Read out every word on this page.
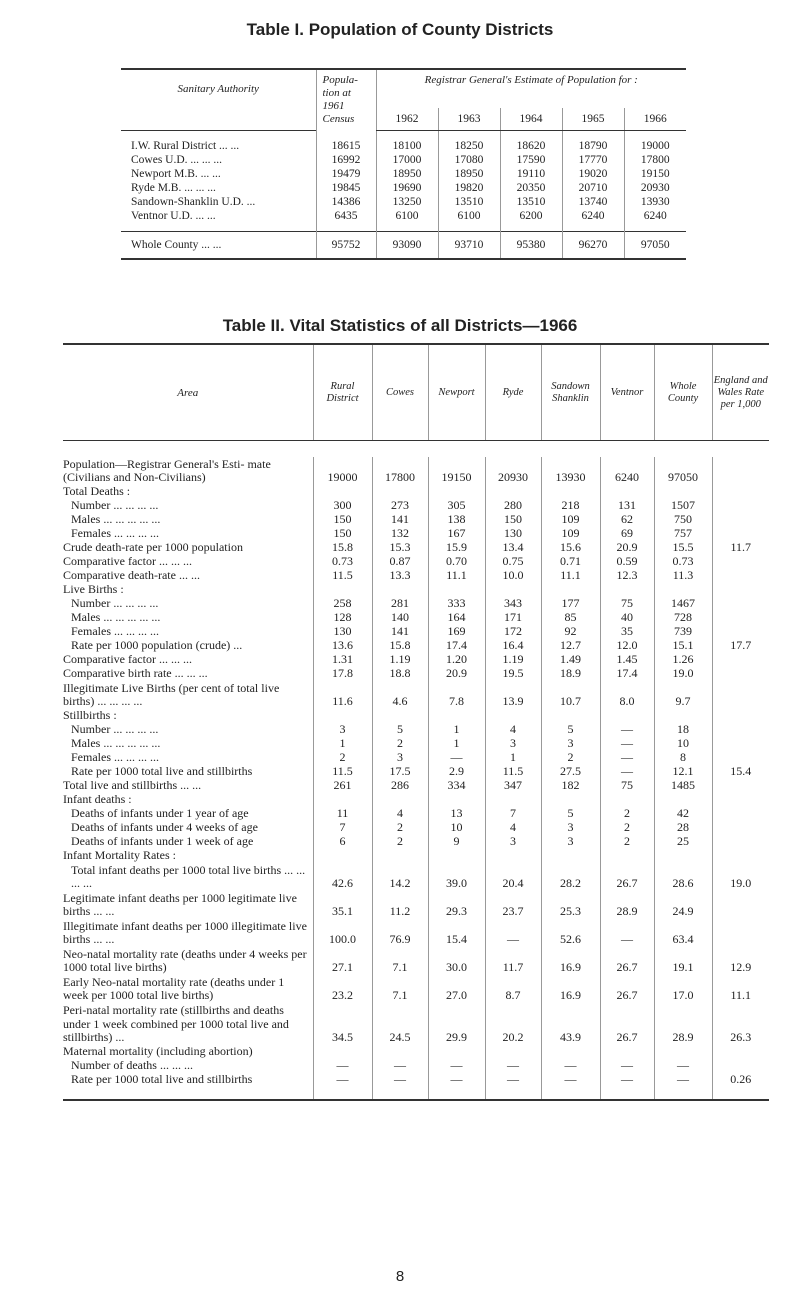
Table I. Population of County Districts
Sanitary Authority	Popula- tion at 1961 Census	Registrar General's Estimate of Population for :				
		1962	1963	1964	1965	1966

I.W. Rural District ... ...	18615	18100	18250	18620	18790	19000
Cowes U.D. ... ... ...	16992	17000	17080	17590	17770	17800
Newport M.B. ... ...	19479	18950	18950	19110	19020	19150
Ryde M.B. ... ... ...	19845	19690	19820	20350	20710	20930
Sandown-Shanklin U.D. ...	14386	13250	13510	13510	13740	13930
Ventnor U.D. ... ...	6435	6100	6100	6200	6240	6240

Whole County ... ...	95752	93090	93710	95380	96270	97050
Table II. Vital Statistics of all Districts—1966
Area	Rural District	Cowes	Newport	Ryde	Sandown Shanklin	Ventnor	Whole County	England and Wales Rate per 1,000

Population—Registrar General's Esti- mate (Civilians and Non-Civilians)	19000	17800	19150	20930	13930	6240	97050	
Total Deaths :								
Number ... ... ... ...	300	273	305	280	218	131	1507	
Males ... ... ... ... ...	150	141	138	150	109	62	750	
Females ... ... ... ...	150	132	167	130	109	69	757	
Crude death-rate per 1000 population	15.8	15.3	15.9	13.4	15.6	20.9	15.5	11.7
Comparative factor ... ... ...	0.73	0.87	0.70	0.75	0.71	0.59	0.73	
Comparative death-rate ... ...	11.5	13.3	11.1	10.0	11.1	12.3	11.3	
Live Births :								
Number ... ... ... ...	258	281	333	343	177	75	1467	
Males ... ... ... ... ...	128	140	164	171	85	40	728	
Females ... ... ... ...	130	141	169	172	92	35	739	
Rate per 1000 population (crude) ...	13.6	15.8	17.4	16.4	12.7	12.0	15.1	17.7
Comparative factor ... ... ...	1.31	1.19	1.20	1.19	1.49	1.45	1.26	
Comparative birth rate ... ... ...	17.8	18.8	20.9	19.5	18.9	17.4	19.0	
Illegitimate Live Births (per cent of total live births) ... ... ... ...	11.6	4.6	7.8	13.9	10.7	8.0	9.7	
Stillbirths :								
Number ... ... ... ...	3	5	1	4	5	—	18	
Males ... ... ... ... ...	1	2	1	3	3	—	10	
Females ... ... ... ...	2	3	—	1	2	—	8	
Rate per 1000 total live and stillbirths	11.5	17.5	2.9	11.5	27.5	—	12.1	15.4
Total live and stillbirths ... ...	261	286	334	347	182	75	1485	
Infant deaths :								
Deaths of infants under 1 year of age	11	4	13	7	5	2	42	
Deaths of infants under 4 weeks of age	7	2	10	4	3	2	28	
Deaths of infants under 1 week of age	6	2	9	3	3	2	25	
Infant Mortality Rates :								
Total infant deaths per 1000 total live births ... ... ... ...	42.6	14.2	39.0	20.4	28.2	26.7	28.6	19.0
Legitimate infant deaths per 1000 legitimate live births ... ...	35.1	11.2	29.3	23.7	25.3	28.9	24.9	
Illegitimate infant deaths per 1000 illegitimate live births ... ...	100.0	76.9	15.4	—	52.6	—	63.4	
Neo-natal mortality rate (deaths under 4 weeks per 1000 total live births)	27.1	7.1	30.0	11.7	16.9	26.7	19.1	12.9
Early Neo-natal mortality rate (deaths under 1 week per 1000 total live births)	23.2	7.1	27.0	8.7	16.9	26.7	17.0	11.1
Peri-natal mortality rate (stillbirths and deaths under 1 week combined per 1000 total live and stillbirths) ...	34.5	24.5	29.9	20.2	43.9	26.7	28.9	26.3
Maternal mortality (including abortion)								
Number of deaths ... ... ...	—	—	—	—	—	—	—	
Rate per 1000 total live and stillbirths	—	—	—	—	—	—	—	0.26

8
